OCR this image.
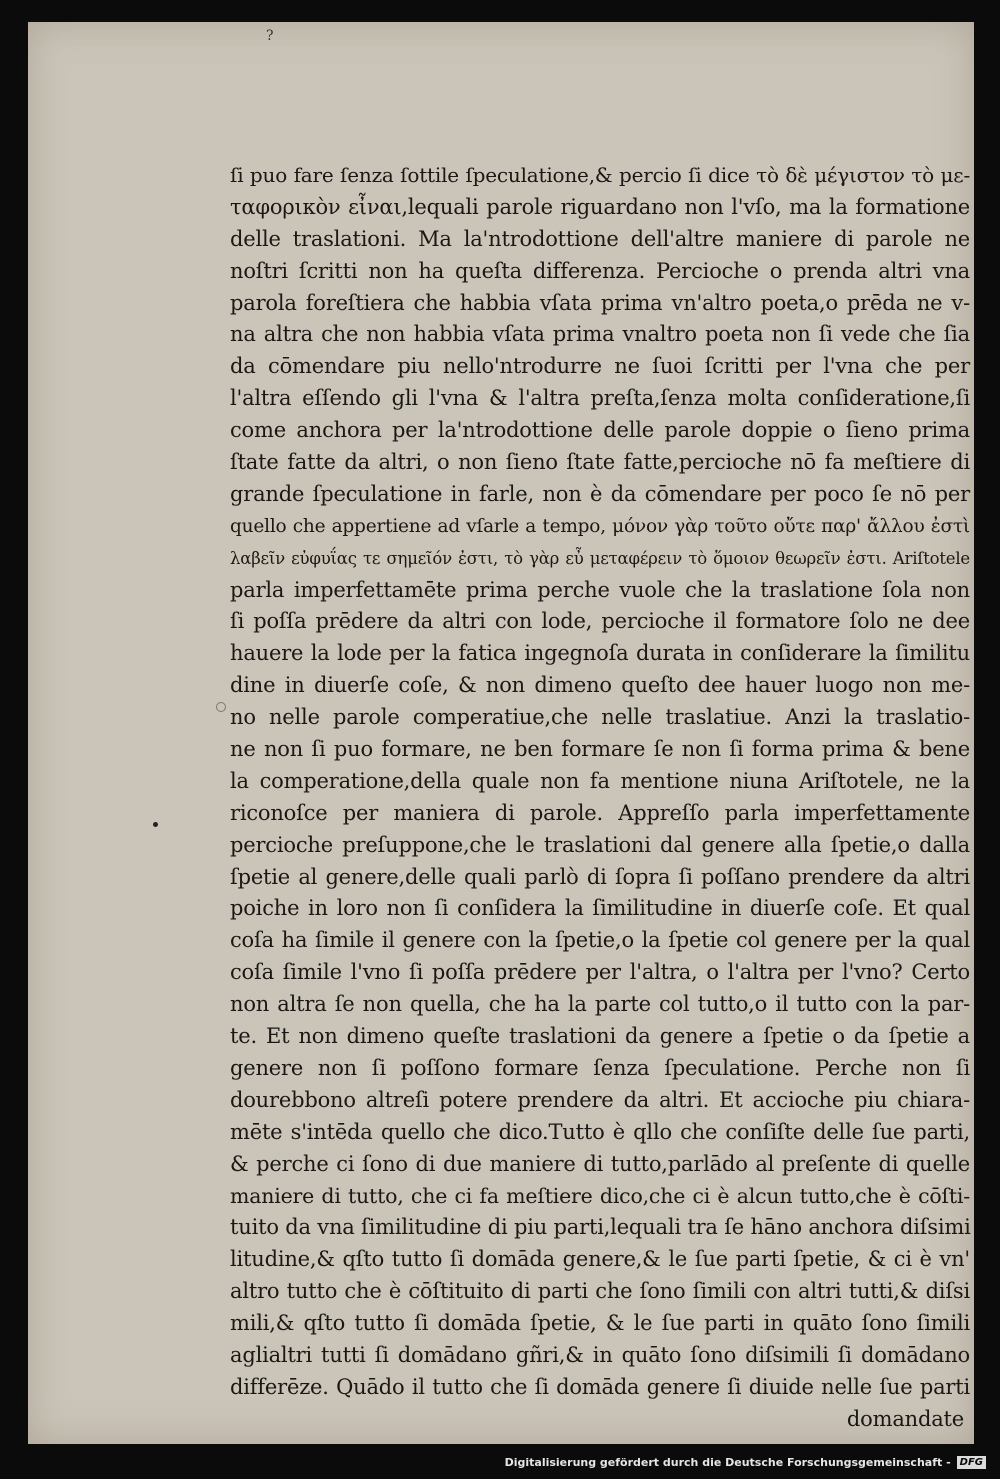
?
ſi puo fare ſenza ſottile ſpeculatione,& percio ſi dice τὸ δὲ μέγιστον τὸ με-
ταφορικὸν εἶναι,lequali parole riguardano non l'vſo, ma la formatione
delle traslationi. Ma la'ntrodottione dell'altre maniere di parole ne
noſtri ſcritti non ha queſta differenza. Percioche o prenda altri vna
parola foreſtiera che habbia vſata prima vn'altro poeta,o prēda ne v-
na altra che non habbia vſata prima vnaltro poeta non ſi vede che ſia
da cōmendare piu nello'ntrodurre ne ſuoi ſcritti per l'vna che per
l'altra eſſendo gli l'vna & l'altra preſta,ſenza molta conſideratione,ſi
come anchora per la'ntrodottione delle parole doppie o ſieno prima
ſtate fatte da altri, o non ſieno ſtate fatte,percioche nō fa meſtiere di
grande ſpeculatione in farle, non è da cōmendare per poco ſe nō per
quello che appertiene ad vſarle a tempo, μόνον γὰρ τοῦτο οὔτε παρ' ἄλλου ἐστὶ
λαβεῖν εὐφυΐας τε σημεῖόν ἐστι, τὸ γὰρ εὖ μεταφέρειν τὸ ὅμοιον θεωρεῖν ἐστι. Ariſtotele
parla imperfettamēte prima perche vuole che la traslatione ſola non
ſi poſſa prēdere da altri con lode, percioche il formatore ſolo ne dee
hauere la lode per la fatica ingegnoſa durata in conſiderare la ſimilitu
dine in diuerſe coſe, & non dimeno queſto dee hauer luogo non me-
no nelle parole comperatiue,che nelle traslatiue. Anzi la traslatio-
ne non ſi puo formare, ne ben formare ſe non ſi forma prima & bene
la comperatione,della quale non fa mentione niuna Ariſtotele, ne la
riconoſce per maniera di parole. Appreſſo parla imperfettamente
percioche preſuppone,che le traslationi dal genere alla ſpetie,o dalla
ſpetie al genere,delle quali parlò di ſopra ſi poſſano prendere da altri
poiche in loro non ſi conſidera la ſimilitudine in diuerſe coſe. Et qual
coſa ha ſimile il genere con la ſpetie,o la ſpetie col genere per la qual
coſa ſimile l'vno ſi poſſa prēdere per l'altra, o l'altra per l'vno? Certo
non altra ſe non quella, che ha la parte col tutto,o il tutto con la par-
te. Et non dimeno queſte traslationi da genere a ſpetie o da ſpetie a
genere non ſi poſſono formare ſenza ſpeculatione. Perche non ſi
dourebbono altreſi potere prendere da altri. Et accioche piu chiara-
mēte s'intēda quello che dico.Tutto è qllo che conſiſte delle ſue parti,
& perche ci ſono di due maniere di tutto,parlādo al preſente di quelle
maniere di tutto, che ci fa meſtiere dico,che ci è alcun tutto,che è cōſti-
tuito da vna ſimilitudine di piu parti,lequali tra ſe hāno anchora diſsimi
litudine,& qſto tutto ſi domāda genere,& le ſue parti ſpetie, & ci è vn'
altro tutto che è cōſtituito di parti che ſono ſimili con altri tutti,& diſsi
mili,& qſto tutto ſi domāda ſpetie, & le ſue parti in quāto ſono ſimili
aglialtri tutti ſi domādano gñri,& in quāto ſono diſsimili ſi domādano
differēze. Quādo il tutto che ſi domāda genere ſi diuide nelle ſue parti
domandate
Digitalisierung gefördert durch die Deutsche Forschungsgemeinschaft - DFG
